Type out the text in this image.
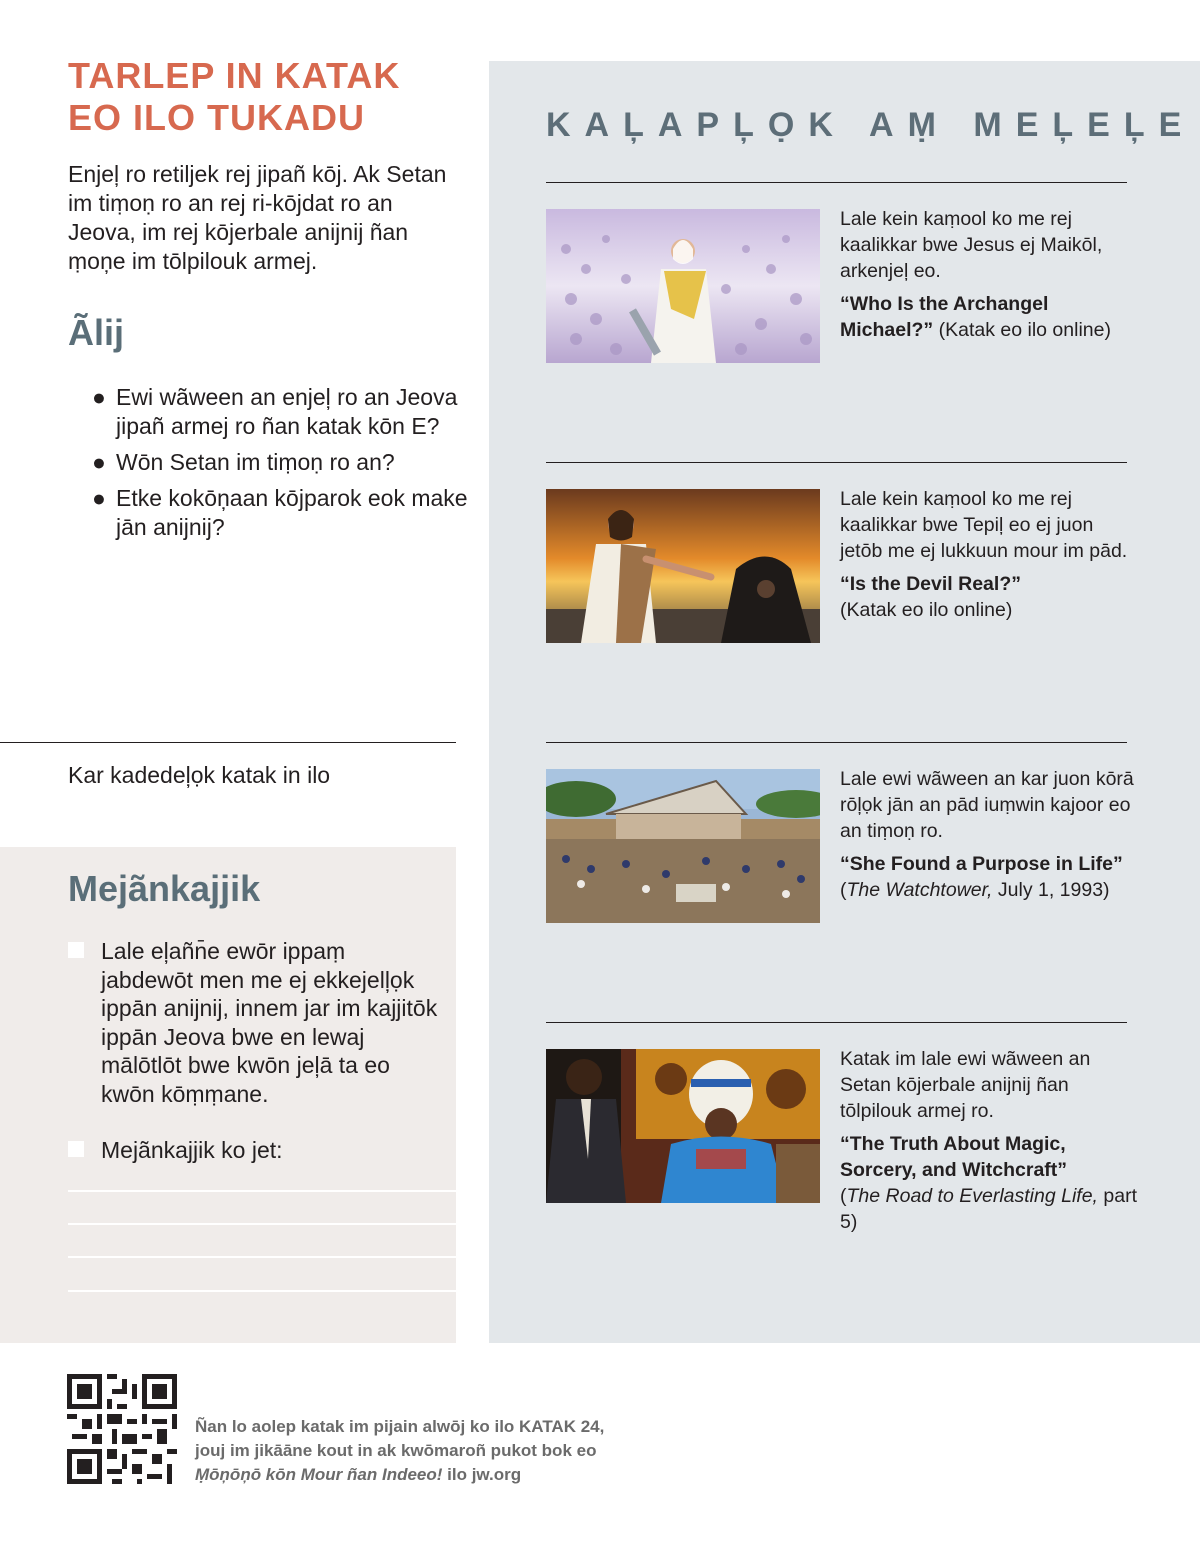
TARLEP IN KATAK
EO ILO TUKADU
Enjeļ ro retiljek rej jipañ kōj. Ak Setan im tiṃoṇ ro an rej ri-kōjdat ro an Jeova, im rej kōjerbale anijnij ñan ṃoņe im tōlpilouk armej.
Ãlij
● Ewi wãween an enjeļ ro an Jeova jipañ armej ro ñan katak kōn E?
● Wōn Setan im tiṃoṇ ro an?
● Etke kokōņaan kōjparok eok make jān anijnij?
Kar kadedeļọk katak in ilo
Mejãnkajjik
Lale eļañn̄e ewōr ippaṃ jabdewōt men me ej ekkejelļọk ippān anijnij, innem jar im kajjitōk ippān Jeova bwe en lewaj mālōtlōt bwe kwōn jeļā ta eo kwōn kōṃṃane.
Mejãnkajjik ko jet:
KAĻAPĻỌK AṂ MEĻEĻE
Lale kein kaṃool ko me rej kaalikkar bwe Jesus ej Maikōl, arkenjeļ eo.
“Who Is the Archangel Michael?” (Katak eo ilo online)
Lale kein kaṃool ko me rej kaalikkar bwe Tepiļ eo ej juon jetōb me ej lukkuun mour im pād.
“Is the Devil Real?”
(Katak eo ilo online)
Lale ewi wãween an kar juon kōrā rōļọk jān an pād iuṃwin kajoor eo an tiṃoṇ ro.
“She Found a Purpose in Life”
(The Watchtower, July 1, 1993)
Katak im lale ewi wãween an Setan kōjerbale anijnij ñan tōlpilouk armej ro.
“The Truth About Magic, Sorcery, and Witchcraft”
(The Road to Everlasting Life, part 5)
Ñan lo aolep katak im pijain alwōj ko ilo KATAK 24,
jouj im jikāāne kout in ak kwōmaroñ pukot bok eo
Ṃōņōņō kōn Mour ñan Indeeo! ilo jw.org
